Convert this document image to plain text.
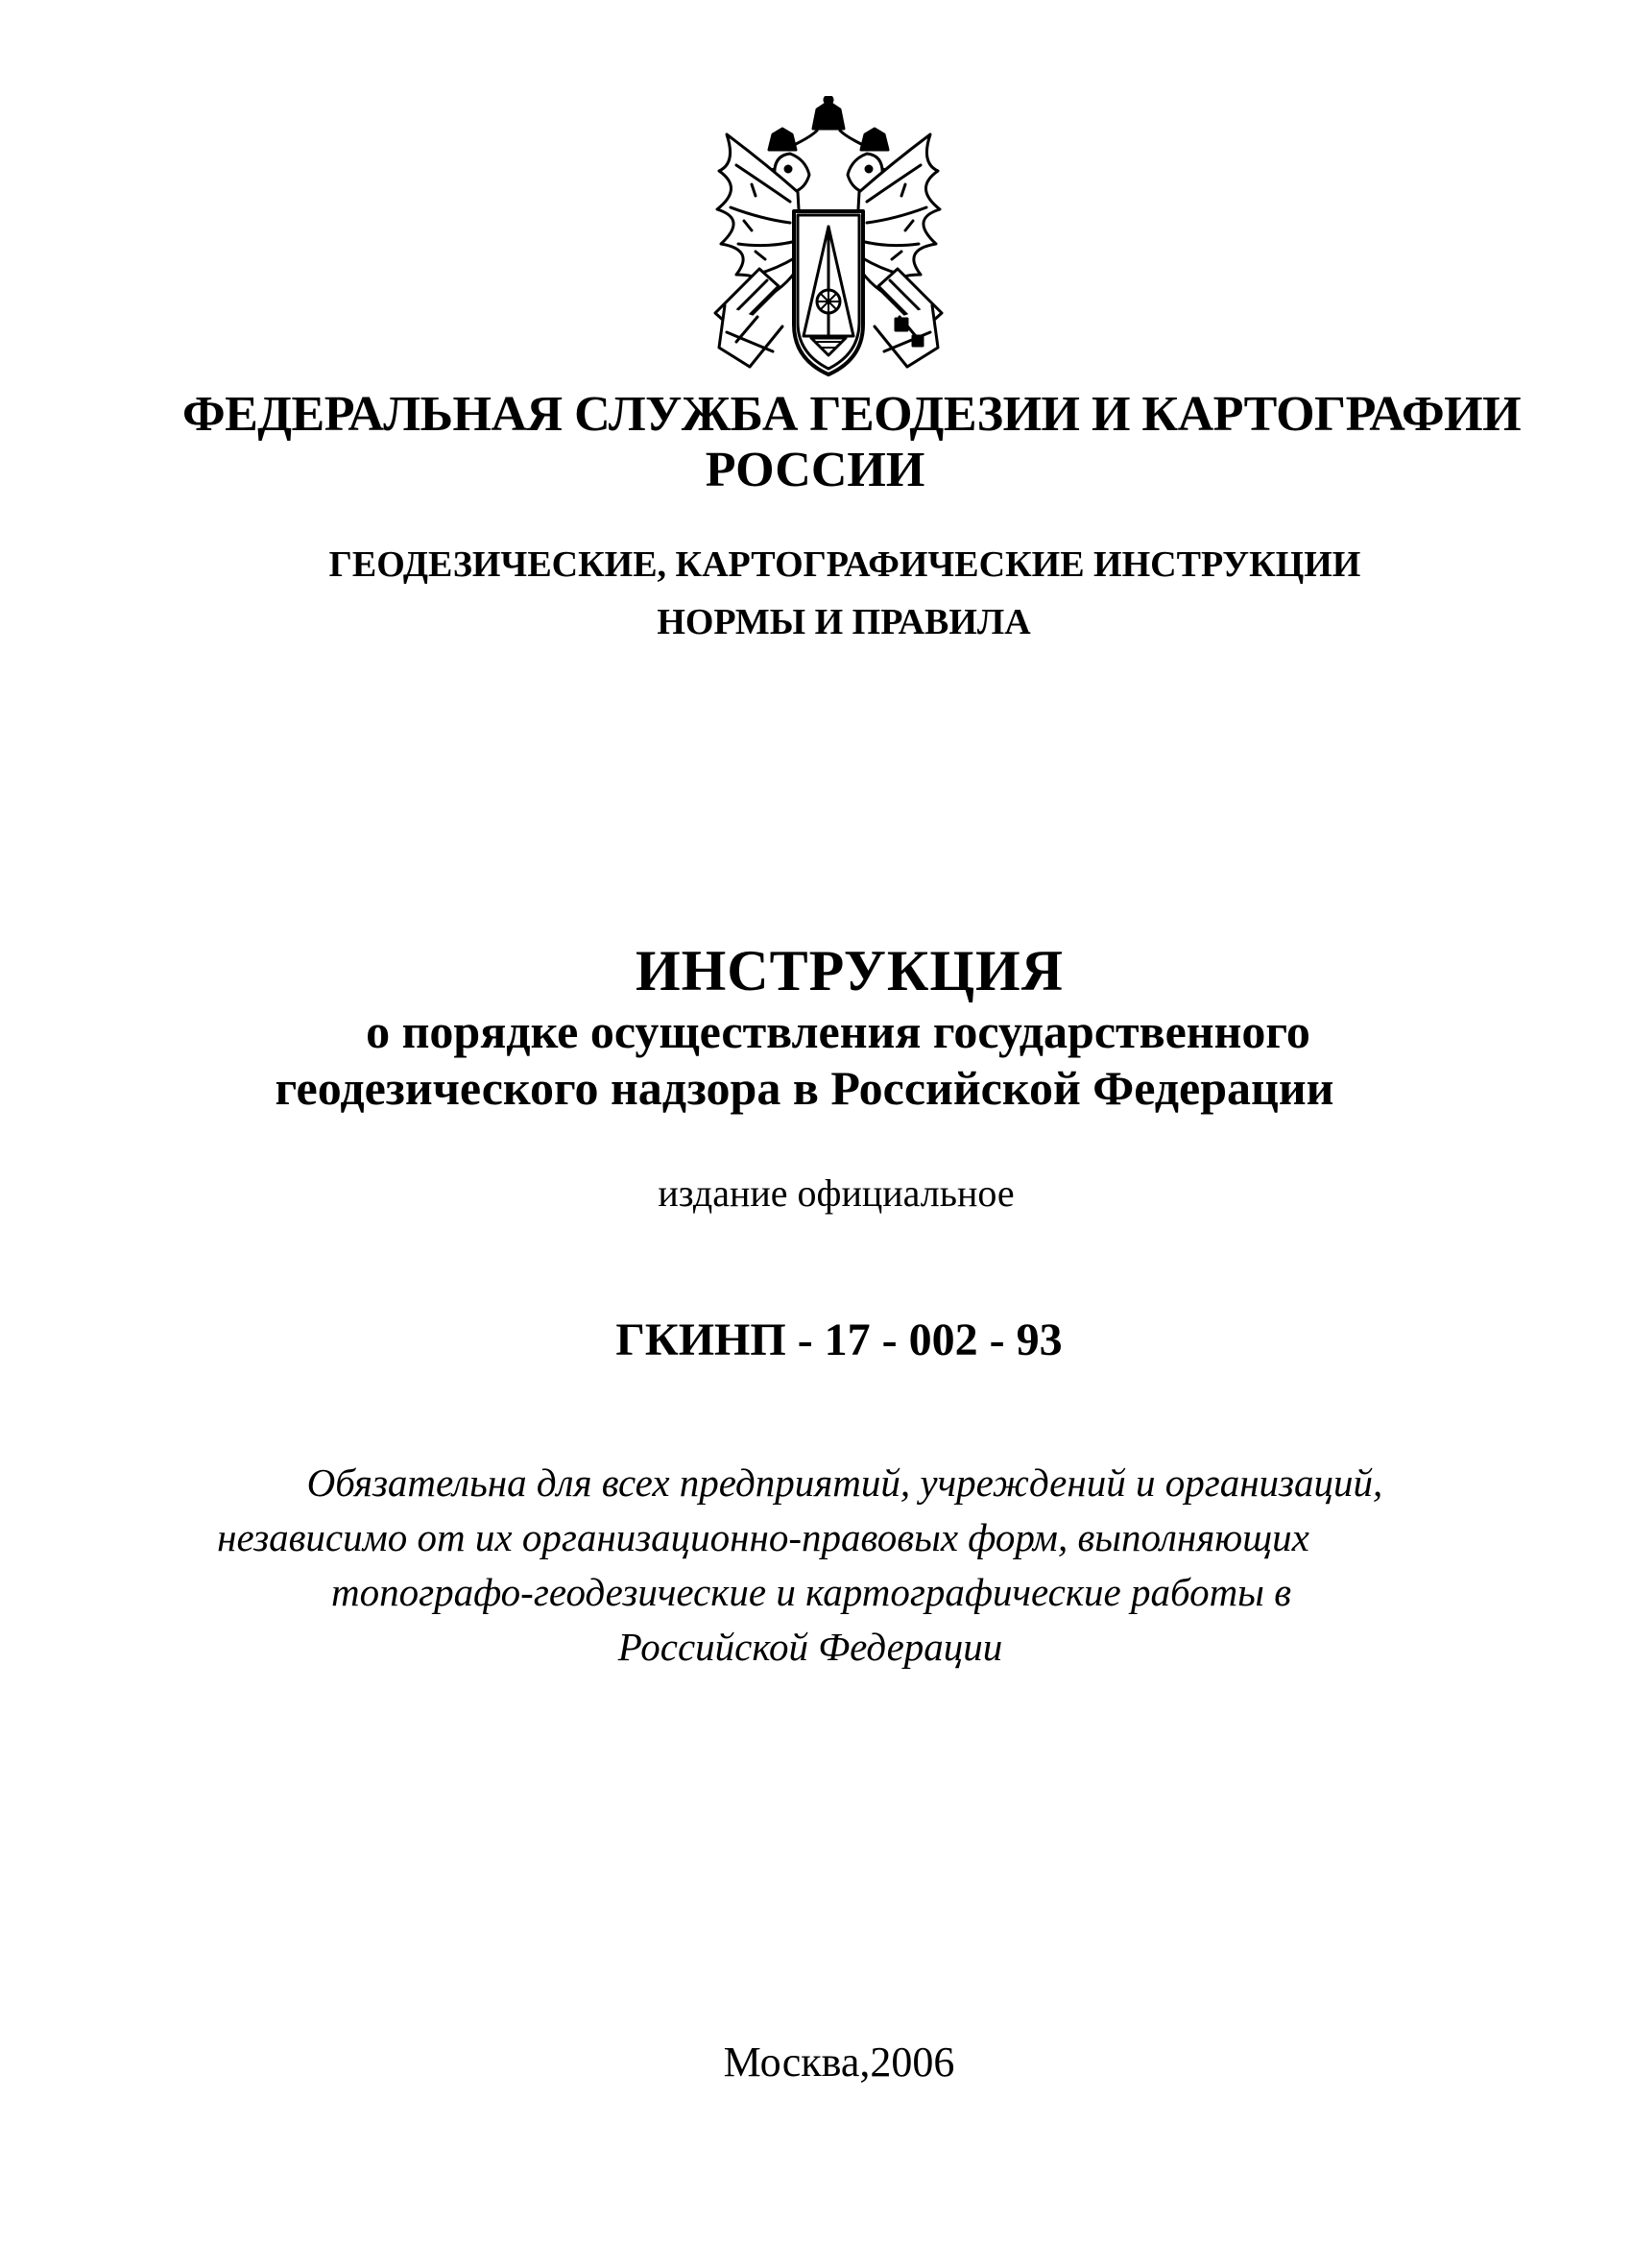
ФЕДЕРАЛЬНАЯ СЛУЖБА ГЕОДЕЗИИ И КАРТОГРАФИИ
РОССИИ
ГЕОДЕЗИЧЕСКИЕ, КАРТОГРАФИЧЕСКИЕ ИНСТРУКЦИИ
НОРМЫ И ПРАВИЛА
ИНСТРУКЦИЯ
о порядке осуществления государственного
геодезического надзора в Российской Федерации
издание официальное
ГКИНП - 17 - 002 - 93
Обязательна для всех предприятий, учреждений и организаций,
независимо от их организационно-правовых форм, выполняющих
топографо-геодезические и картографические работы в
Российской Федерации
Москва,2006
